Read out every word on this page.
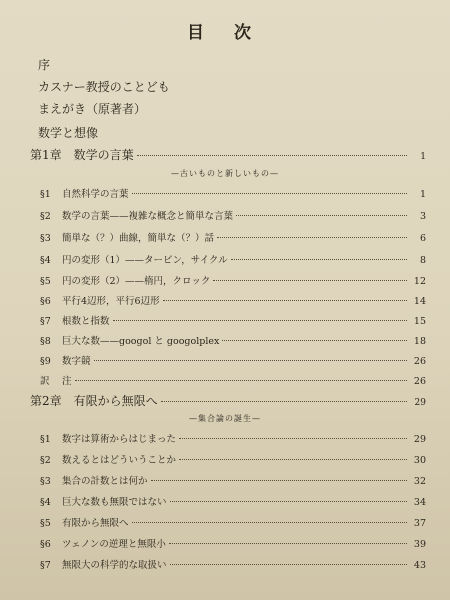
目 次
序
カスナー教授のことども
まえがき（原著者）
数学と想像
第1章　数学の言葉	1
—古いものと新しいもの—
§1	自然科学の言葉	1
§2	数学の言葉——複雑な概念と簡単な言葉	3
§3	簡単な（？）曲線，簡単な（？）話	6
§4	円の変形（1）——タービン，サイクル	8
§5	円の変形（2）——楕円，クロック	12
§6	平行4辺形，平行6辺形	14
§7	根数と指数	15
§8	巨大な数——googol と googolplex	18
§9	数字競	26
訳	注	26
第2章　有限から無限へ	29
—集合論の誕生—
§1	数字は算術からはじまった	29
§2	数えるとはどういうことか	30
§3	集合の計数とは何か	32
§4	巨大な数も無限ではない	34
§5	有限から無限へ	37
§6	ツェノンの逆理と無限小	39
§7	無限大の科学的な取扱い	43
